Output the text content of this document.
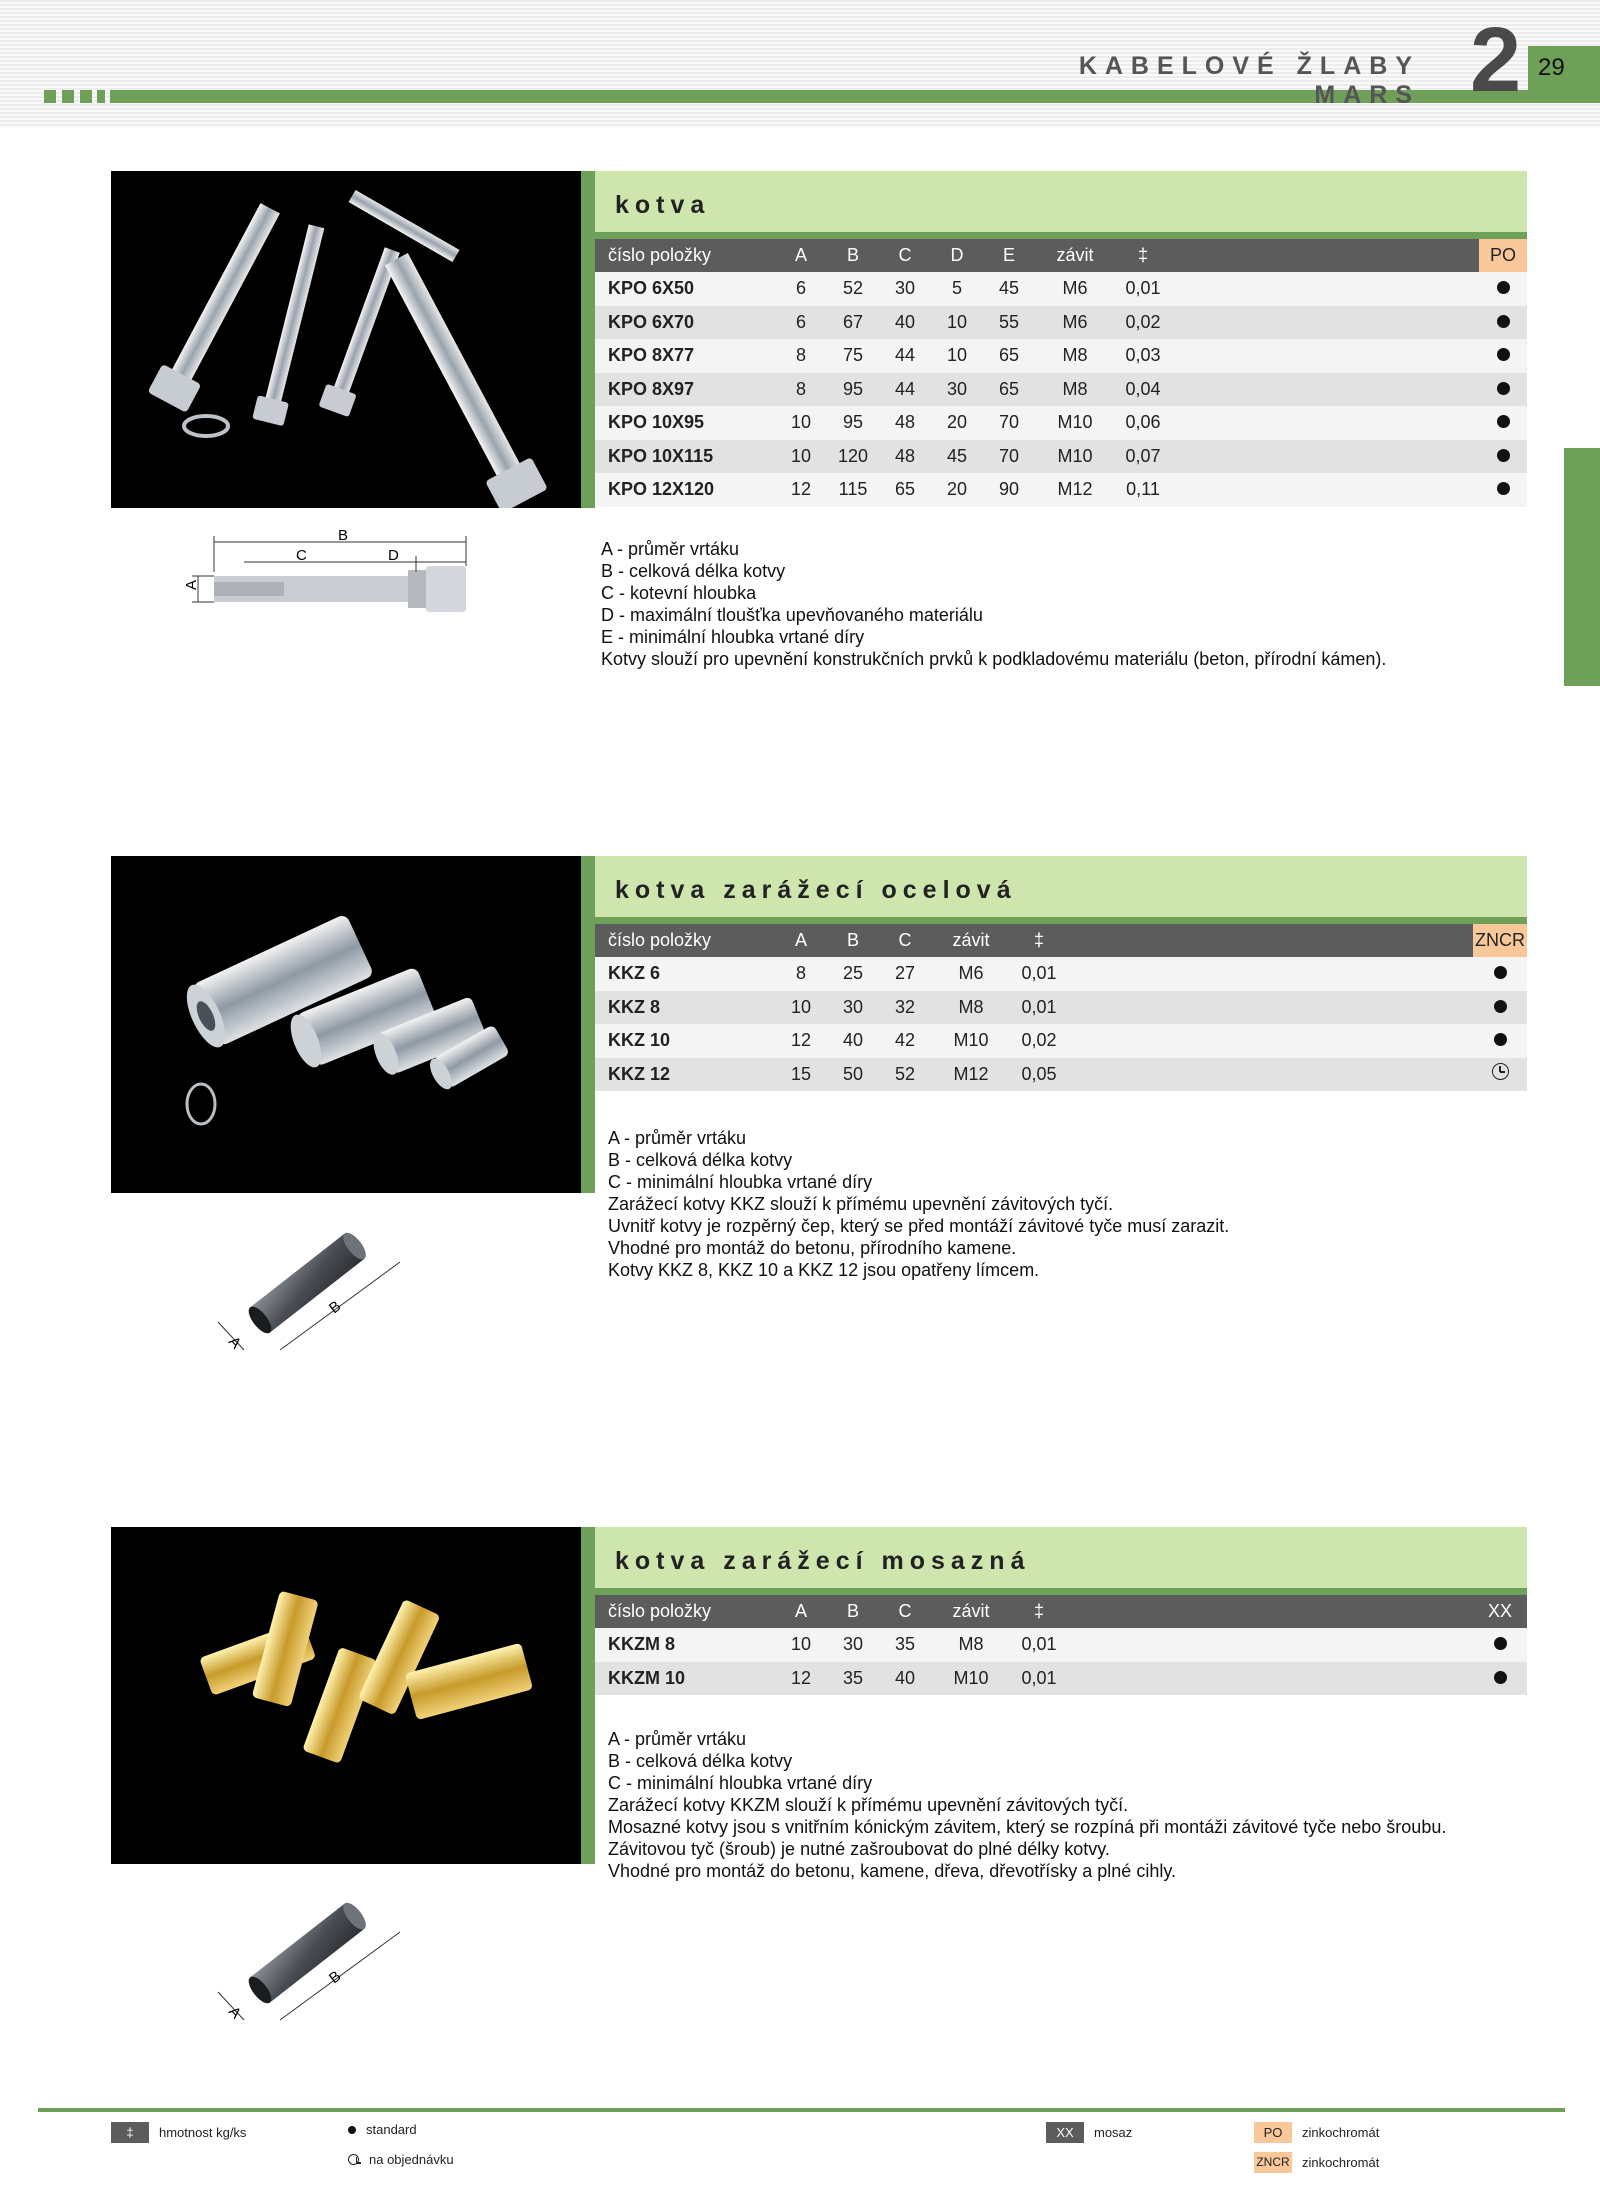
KABELOVÉ ŽLABY MARS 2 29
kotva
číslo položky	A	B	C	D	E	závit	‡		PO
KPO 6X50	6	52	30	5	45	M6	0,01		
KPO 6X70	6	67	40	10	55	M6	0,02		
KPO 8X77	8	75	44	10	65	M8	0,03		
KPO 8X97	8	95	44	30	65	M8	0,04		
KPO 10X95	10	95	48	20	70	M10	0,06		
KPO 10X115	10	120	48	45	70	M10	0,07		
KPO 12X120	12	115	65	20	90	M12	0,11		
B
C	D
A
A - průměr vrtáku
B - celková délka kotvy
C - kotevní hloubka
D - maximální tloušťka upevňovaného materiálu
E - minimální hloubka vrtané díry
Kotvy slouží pro upevnění konstrukčních prvků k podkladovému materiálu (beton, přírodní kámen).
kotva zarážecí ocelová
číslo položky	A	B	C	závit	‡		ZNCR
KKZ 6	8	25	27	M6	0,01		
KKZ 8	10	30	32	M8	0,01		
KKZ 10	12	40	42	M10	0,02		
KKZ 12	15	50	52	M12	0,05		
A
B
A - průměr vrtáku
B - celková délka kotvy
C - minimální hloubka vrtané díry
Zarážecí kotvy KKZ slouží k přímému upevnění závitových tyčí.
Uvnitř kotvy je rozpěrný čep, který se před montáží závitové tyče musí zarazit.
Vhodné pro montáž do betonu, přírodního kamene.
Kotvy KKZ 8, KKZ 10 a KKZ 12 jsou opatřeny límcem.
kotva zarážecí mosazná
číslo položky	A	B	C	závit	‡		XX
KKZM 8	10	30	35	M8	0,01		
KKZM 10	12	35	40	M10	0,01		
A
B
A - průměr vrtáku
B - celková délka kotvy
C - minimální hloubka vrtané díry
Zarážecí kotvy KKZM slouží k přímému upevnění závitových tyčí.
Mosazné kotvy jsou s vnitřním kónickým závitem, který se rozpíná při montáži závitové tyče nebo šroubu.
Závitovou tyč (šroub) je nutné zašroubovat do plné délky kotvy.
Vhodné pro montáž do betonu, kamene, dřeva, dřevotřísky a plné cihly.
‡	hmotnost kg/ks	standard
na objednávku
XX	mosaz	PO	zinkochromát
ZNCR zinkochromát
